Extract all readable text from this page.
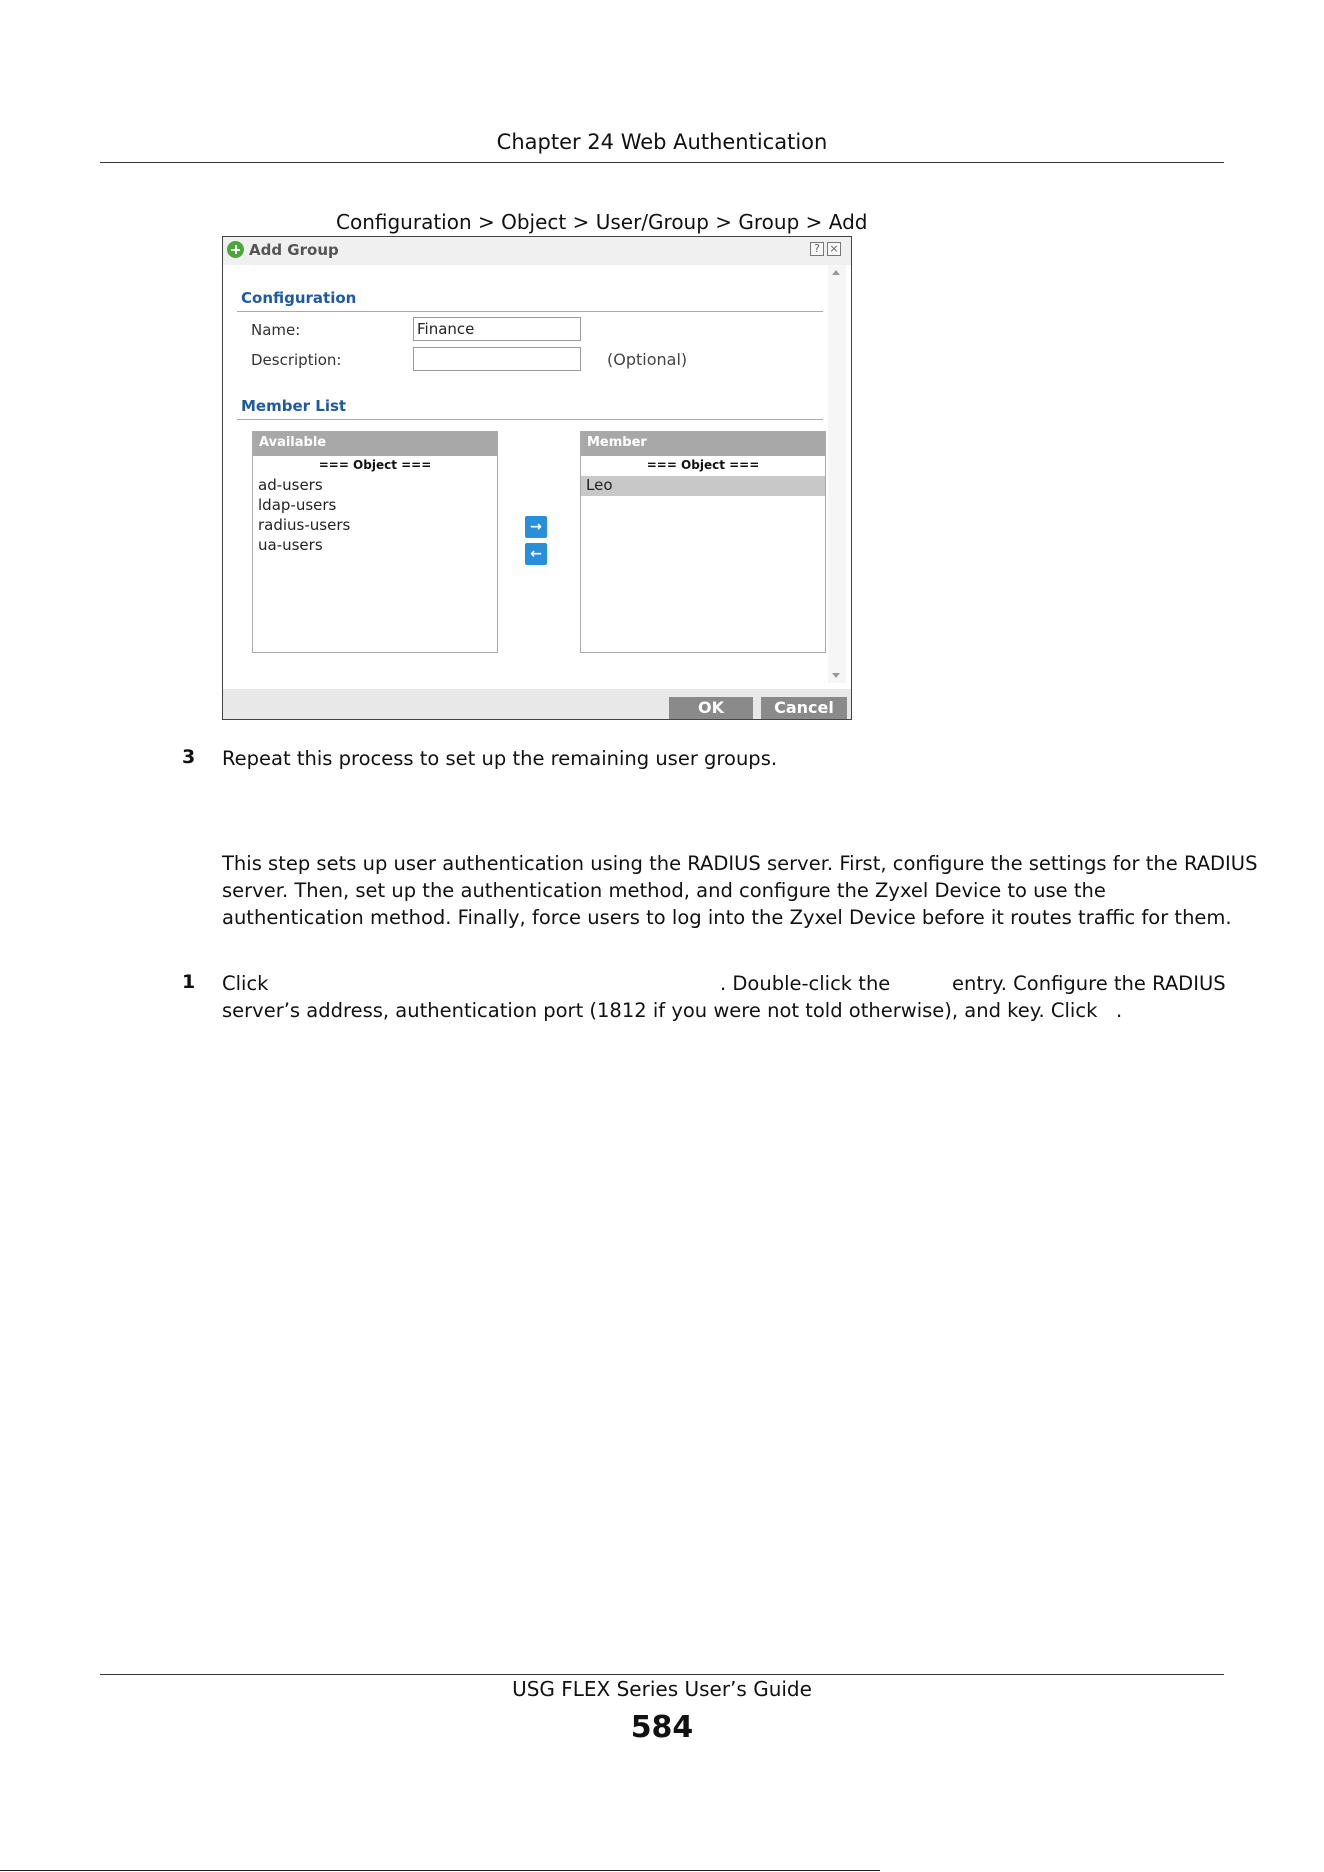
Chapter 24 Web Authentication
Configuration > Object > User/Group > Group > Add
Add Group	? ×
Configuration
Name:
Finance
Description:	(Optional)
Member List
Available
=== Object ===
ad-users
ldap-users
radius-users
ua-users
→
←
Member
=== Object ===
Leo
OK	Cancel
3 Repeat this process to set up the remaining user groups.
This step sets up user authentication using the RADIUS server. First, configure the settings for the RADIUS
server. Then, set up the authentication method, and configure the Zyxel Device to use the
authentication method. Finally, force users to log into the Zyxel Device before it routes traffic for them.
1 Click	. Double-click the	entry. Configure the RADIUS
server’s address, authentication port (1812 if you were not told otherwise), and key. Click .
USG FLEX Series User’s Guide
584
